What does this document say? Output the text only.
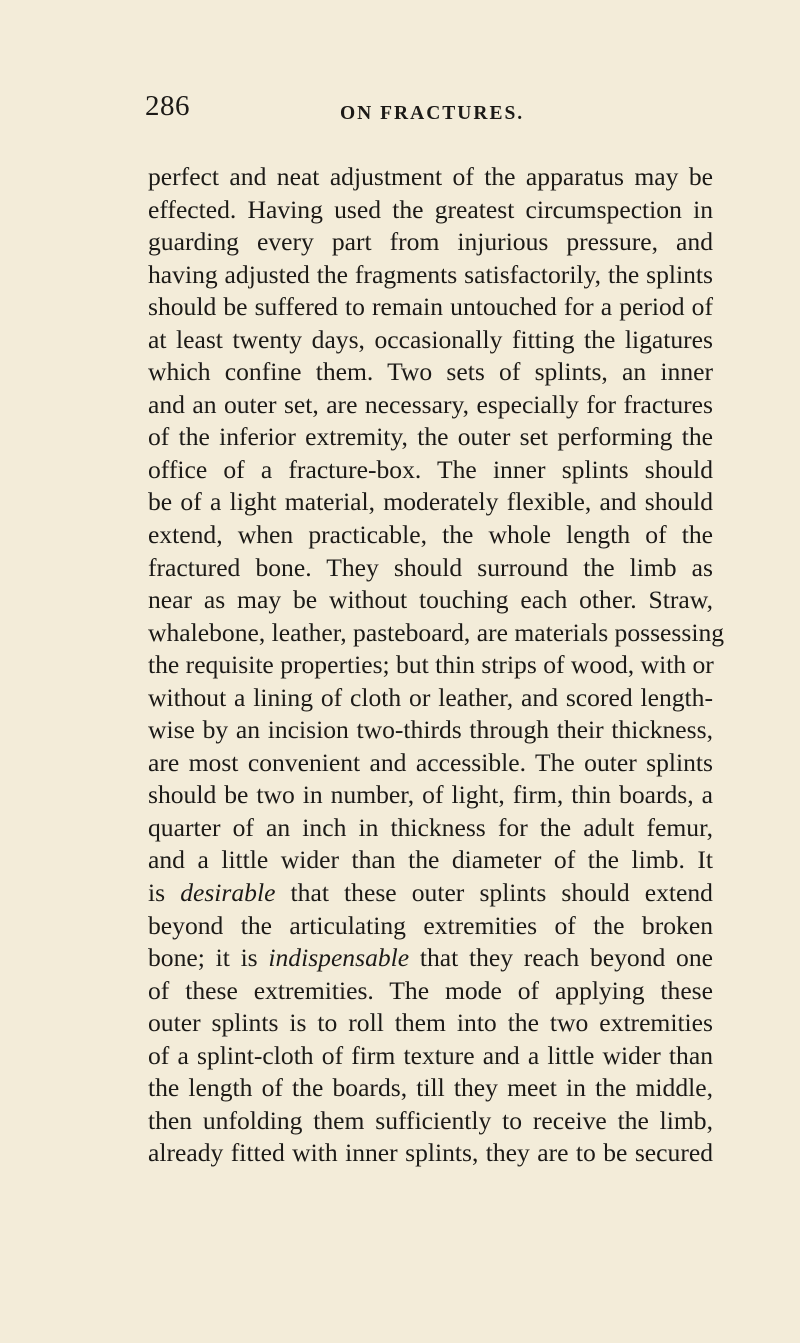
286	ON FRACTURES.
perfect and neat adjustment of the apparatus may be
effected. Having used the greatest circumspection in
guarding every part from injurious pressure, and
having adjusted the fragments satisfactorily, the splints
should be suffered to remain untouched for a period of
at least twenty days, occasionally fitting the ligatures
which confine them. Two sets of splints, an inner
and an outer set, are necessary, especially for fractures
of the inferior extremity, the outer set performing the
office of a fracture-box. The inner splints should
be of a light material, moderately flexible, and should
extend, when practicable, the whole length of the
fractured bone. They should surround the limb as
near as may be without touching each other. Straw,
whalebone, leather, pasteboard, are materials possessing
the requisite properties; but thin strips of wood, with or
without a lining of cloth or leather, and scored length-
wise by an incision two-thirds through their thickness,
are most convenient and accessible. The outer splints
should be two in number, of light, firm, thin boards, a
quarter of an inch in thickness for the adult femur,
and a little wider than the diameter of the limb. It
is desirable that these outer splints should extend
beyond the articulating extremities of the broken
bone; it is indispensable that they reach beyond one
of these extremities. The mode of applying these
outer splints is to roll them into the two extremities
of a splint-cloth of firm texture and a little wider than
the length of the boards, till they meet in the middle,
then unfolding them sufficiently to receive the limb,
already fitted with inner splints, they are to be secured
